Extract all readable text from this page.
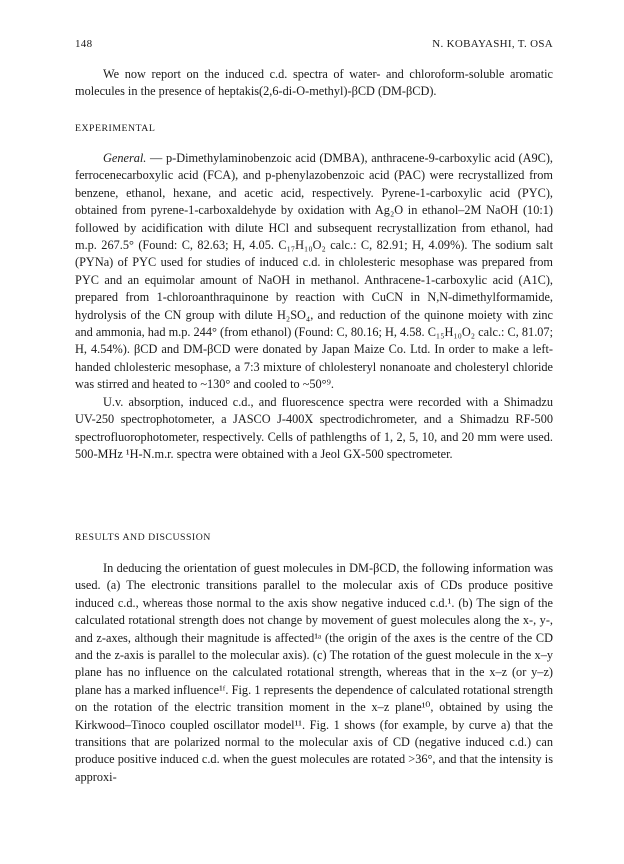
148	N. KOBAYASHI, T. OSA

We now report on the induced c.d. spectra of water- and chloroform-soluble aromatic molecules in the presence of heptakis(2,6-di-O-methyl)-βCD (DM-βCD).

EXPERIMENTAL

General. — p-Dimethylaminobenzoic acid (DMBA), anthracene-9-carboxylic acid (A9C), ferrocenecarboxylic acid (FCA), and p-phenylazobenzoic acid (PAC) were recrystallized from benzene, ethanol, hexane, and acetic acid, respectively. Pyrene-1-carboxylic acid (PYC), obtained from pyrene-1-carboxaldehyde by oxidation with Ag₂O in ethanol–2M NaOH (10:1) followed by acidification with dilute HCl and subsequent recrystallization from ethanol, had m.p. 267.5° (Found: C, 82.63; H, 4.05. C₁₇H₁₀O₂ calc.: C, 82.91; H, 4.09%). The sodium salt (PYNa) of PYC used for studies of induced c.d. in chlolesteric mesophase was prepared from PYC and an equimolar amount of NaOH in methanol. Anthracene-1-carboxylic acid (A1C), prepared from 1-chloroanthraquinone by reaction with CuCN in N,N-dimethylformamide, hydrolysis of the CN group with dilute H₂SO₄, and reduction of the quinone moiety with zinc and ammonia, had m.p. 244° (from ethanol) (Found: C, 80.16; H, 4.58. C₁₅H₁₀O₂ calc.: C, 81.07; H, 4.54%). βCD and DM-βCD were donated by Japan Maize Co. Ltd. In order to make a left-handed chlolesteric mesophase, a 7:3 mixture of chlolesteryl nonanoate and cholesteryl chloride was stirred and heated to ~130° and cooled to ~50°⁹.

U.v. absorption, induced c.d., and fluorescence spectra were recorded with a Shimadzu UV-250 spectrophotometer, a JASCO J-400X spectrodichrometer, and a Shimadzu RF-500 spectrofluorophotometer, respectively. Cells of pathlengths of 1, 2, 5, 10, and 20 mm were used. 500-MHz ¹H-N.m.r. spectra were obtained with a Jeol GX-500 spectrometer.

RESULTS AND DISCUSSION

In deducing the orientation of guest molecules in DM-βCD, the following information was used. (a) The electronic transitions parallel to the molecular axis of CDs produce positive induced c.d., whereas those normal to the axis show negative induced c.d.¹. (b) The sign of the calculated rotational strength does not change by movement of guest molecules along the x-, y-, and z-axes, although their magnitude is affected¹ᵃ (the origin of the axes is the centre of the CD and the z-axis is parallel to the molecular axis). (c) The rotation of the guest molecule in the x–y plane has no influence on the calculated rotational strength, whereas that in the x–z (or y–z) plane has a marked influence¹ᶠ. Fig. 1 represents the dependence of calculated rotational strength on the rotation of the electric transition moment in the x–z plane¹⁰, obtained by using the Kirkwood–Tinoco coupled oscillator model¹¹. Fig. 1 shows (for example, by curve a) that the transitions that are polarized normal to the molecular axis of CD (negative induced c.d.) can produce positive induced c.d. when the guest molecules are rotated >36°, and that the intensity is approxi-
